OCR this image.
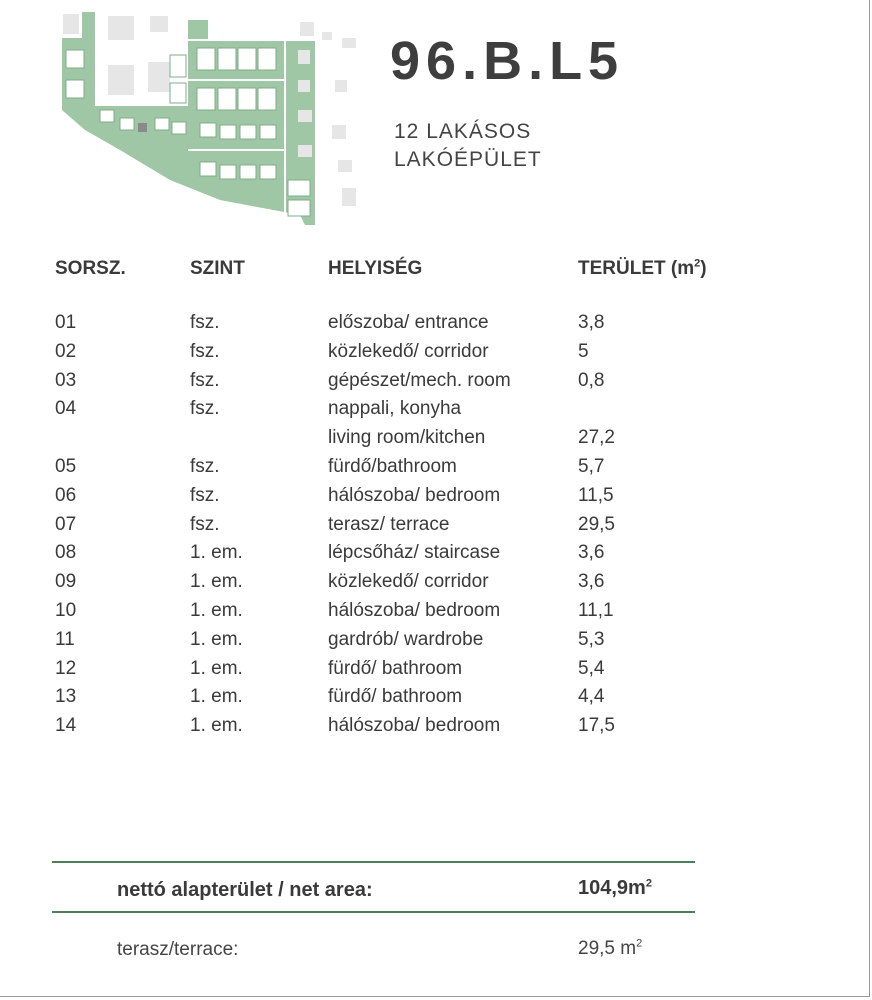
96.B.L5
12 LAKÁSOS
LAKÓÉPÜLET
SORSZ.	SZINT	HELYISÉG	TERÜLET $(m^2)$
01	fsz.	előszoba/ entrance	3,8
02	fsz.	közlekedő/ corridor	5
03	fsz.	gépészet/mech. room	0,8
04	fsz.	nappali, konyha
living room/kitchen	27,2
05	fsz.	fürdő/bathroom	5,7
06	fsz.	hálószoba/ bedroom	11,5
07	fsz.	terasz/ terrace	29,5
08	1. em.	lépcsőház/ staircase	3,6
09	1. em.	közlekedő/ corridor	3,6
10	1. em.	hálószoba/ bedroom	11,1
11	1. em.	gardrób/ wardrobe	5,3
12	1. em.	fürdő/ bathroom	5,4
13	1. em.	fürdő/ bathroom	4,4
14	1. em.	hálószoba/ bedroom	17,5
nettó alapterület / net area:	$104,9m^2$
terasz/terrace:	29,5 $m^2$
